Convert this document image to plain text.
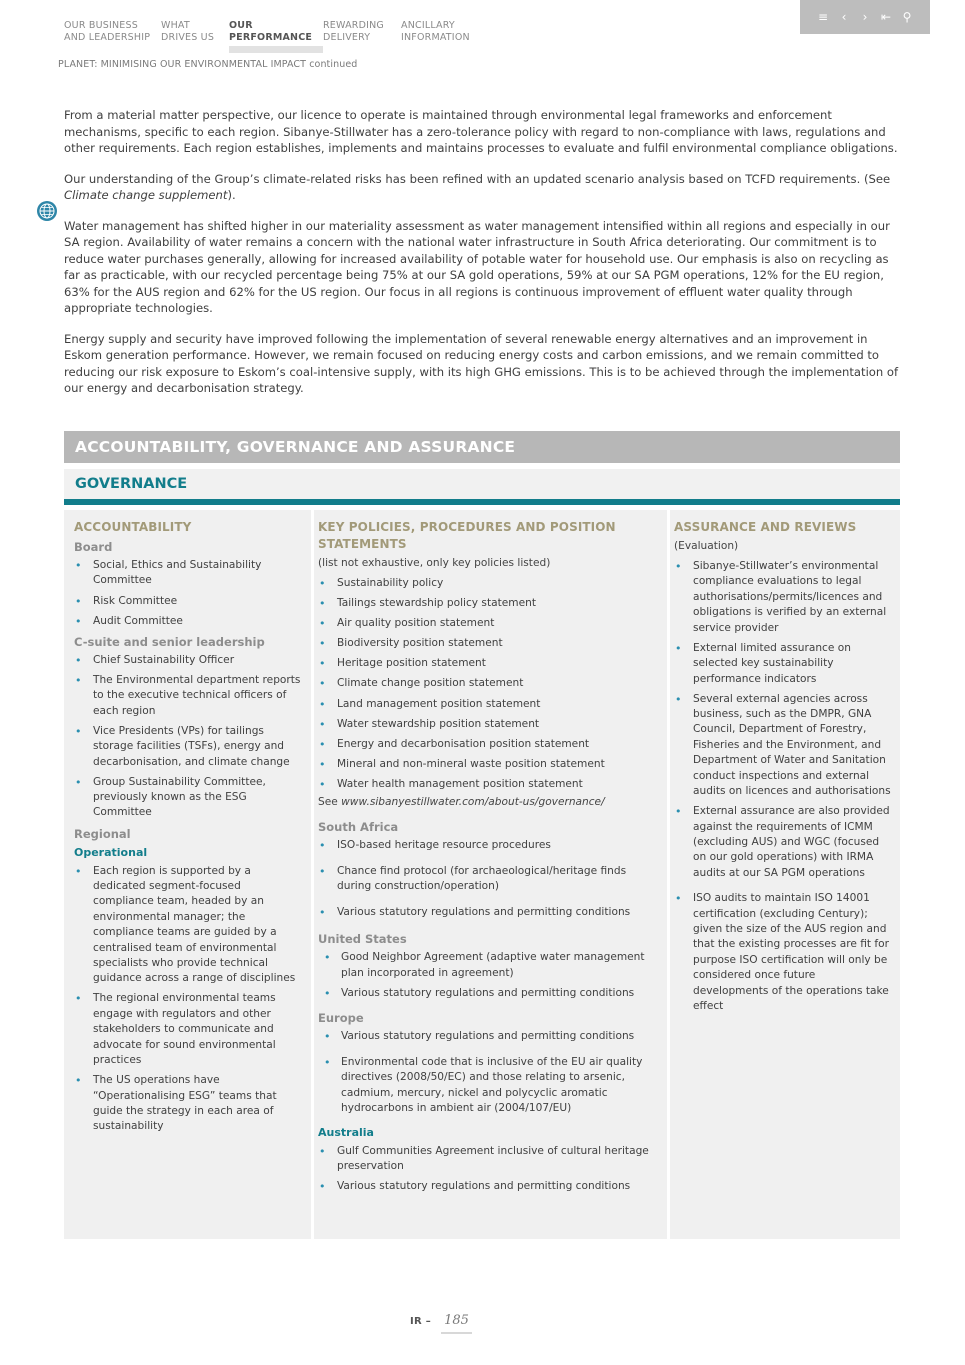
OUR BUSINESS
AND LEADERSHIP
WHAT
DRIVES US
OUR
PERFORMANCE
REWARDING
DELIVERY
ANCILLARY
INFORMATION
≡	‹	›	⇤ ⚲
PLANET: MINIMISING OUR ENVIRONMENTAL IMPACT continued

From a material matter perspective, our licence to operate is maintained through environmental legal frameworks and enforcement mechanisms, specific to each region. Sibanye-Stillwater has a zero-tolerance policy with regard to non-compliance with laws, regulations and other requirements. Each region establishes, implements and maintains processes to evaluate and fulfil environmental compliance obligations.

Our understanding of the Group’s climate-related risks has been refined with an updated scenario analysis based on TCFD requirements. (See Climate change supplement).

Water management has shifted higher in our materiality assessment as water management intensified within all regions and especially in our SA region. Availability of water remains a concern with the national water infrastructure in South Africa deteriorating. Our commitment is to reduce water purchases generally, allowing for increased availability of potable water for household use. Our emphasis is also on recycling as far as practicable, with our recycled percentage being 75% at our SA gold operations, 59% at our SA PGM operations, 12% for the EU region, 63% for the AUS region and 62% for the US region. Our focus in all regions is continuous improvement of effluent water quality through appropriate technologies.

Energy supply and security have improved following the implementation of several renewable energy alternatives and an improvement in Eskom generation performance. However, we remain focused on reducing energy costs and carbon emissions, and we remain committed to reducing our risk exposure to Eskom’s coal-intensive supply, with its high GHG emissions. This is to be achieved through the implementation of our energy and decarbonisation strategy.

ACCOUNTABILITY, GOVERNANCE AND ASSURANCE
GOVERNANCE
ACCOUNTABILITY
Board
• Social, Ethics and Sustainability Committee
• Risk Committee
• Audit Committee
C-suite and senior leadership
• Chief Sustainability Officer
• The Environmental department reports to the executive technical officers of each region
• Vice Presidents (VPs) for tailings storage facilities (TSFs), energy and decarbonisation, and climate change
• Group Sustainability Committee, previously known as the ESG Committee
Regional
Operational
• Each region is supported by a dedicated segment-focused compliance team, headed by an environmental manager; the compliance teams are guided by a centralised team of environmental specialists who provide technical guidance across a range of disciplines
• The regional environmental teams engage with regulators and other stakeholders to communicate and advocate for sound environmental practices
• The US operations have “Operationalising ESG” teams that guide the strategy in each area of sustainability
KEY POLICIES, PROCEDURES AND POSITION STATEMENTS
(list not exhaustive, only key policies listed)
• Sustainability policy
• Tailings stewardship policy statement
• Air quality position statement
• Biodiversity position statement
• Heritage position statement
• Climate change position statement
• Land management position statement
• Water stewardship position statement
• Energy and decarbonisation position statement
• Mineral and non-mineral waste position statement
• Water health management position statement
See www.sibanyestillwater.com/about-us/governance/
South Africa
• ISO-based heritage resource procedures
• Chance find protocol (for archaeological/heritage finds during construction/operation)
• Various statutory regulations and permitting conditions
United States
• Good Neighbor Agreement (adaptive water management plan incorporated in agreement)
• Various statutory regulations and permitting conditions
Europe
• Various statutory regulations and permitting conditions
• Environmental code that is inclusive of the EU air quality directives (2008/50/EC) and those relating to arsenic, cadmium, mercury, nickel and polycyclic aromatic hydrocarbons in ambient air (2004/107/EU)
Australia
• Gulf Communities Agreement inclusive of cultural heritage preservation
• Various statutory regulations and permitting conditions
ASSURANCE AND REVIEWS
(Evaluation)
• Sibanye-Stillwater’s environmental compliance evaluations to legal authorisations/permits/licences and obligations is verified by an external service provider
• External limited assurance on selected key sustainability performance indicators
• Several external agencies across business, such as the DMPR, GNA Council, Department of Forestry, Fisheries and the Environment, and Department of Water and Sanitation conduct inspections and external audits on licences and authorisations
• External assurance are also provided against the requirements of ICMM (excluding AUS) and WGC (focused on our gold operations) with IRMA audits at our SA PGM operations
• ISO audits to maintain ISO 14001 certification (excluding Century); given the size of the AUS region and that the existing processes are fit for purpose ISO certification will only be considered once future developments of the operations take effect
IR – 185
